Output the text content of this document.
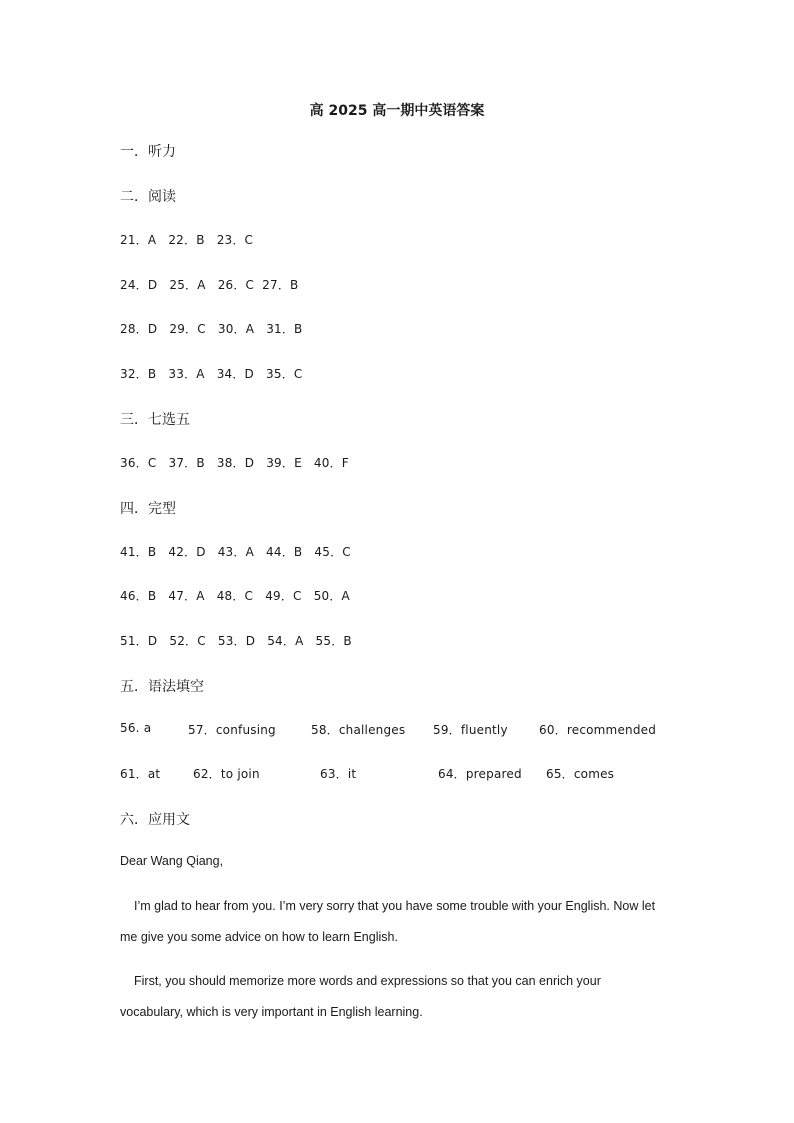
高 2025 高一期中英语答案
一．听力
二．阅读
21．A 22．B 23．C
24．D 25．A 26．C 27．B
28．D 29．C 30．A 31．B
32．B 33．A 34．D 35．C
三．七选五
36．C 37．B 38．D 39．E 40．F
四．完型
41．B 42．D 43．A 44．B 45．C
46．B 47．A 48．C 49．C 50．A
51．D 52．C 53．D 54．A 55．B
五．语法填空
56. a	57．confusing	58．challenges 59．fluently	60．recommended
61．at	62．to join	63．it	64．prepared 65．comes
六．应用文
Dear Wang Qiang,
I’m glad to hear from you. I’m very sorry that you have some trouble with your English. Now let me give you some advice on how to learn English.
First, you should memorize more words and expressions so that you can enrich your vocabulary, which is very important in English learning.
